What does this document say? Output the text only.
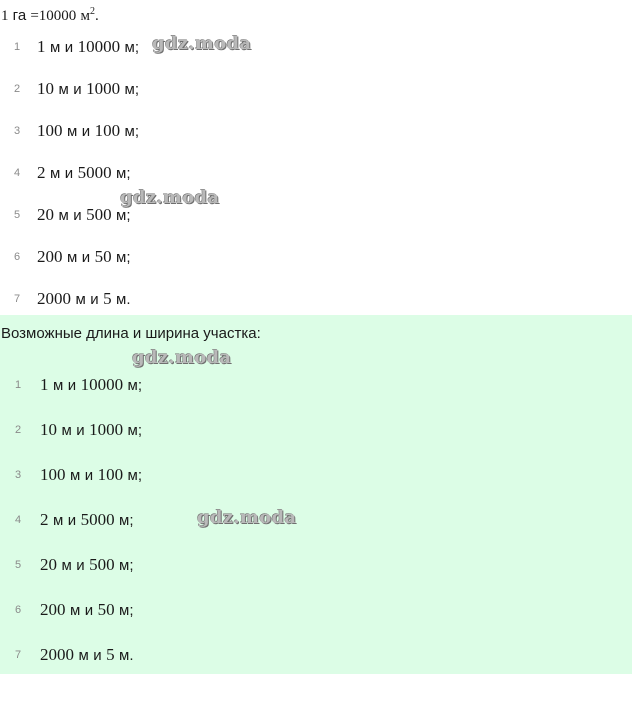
1 га =10000 $м^2$.
1 1 м и 10000 м;
2 10 м и 1000 м;
3 100 м и 100 м;
4 2 м и 5000 м;
5 20 м и 500 м;
6 200 м и 50 м;
7 2000 м и 5 м.
Возможные длина и ширина участка:
1 1 м и 10000 м;
2 10 м и 1000 м;
3 100 м и 100 м;
4 2 м и 5000 м;
5 20 м и 500 м;
6 200 м и 50 м;
7 2000 м и 5 м.
gdz.moda
gdz.moda
gdz.moda
gdz.moda
